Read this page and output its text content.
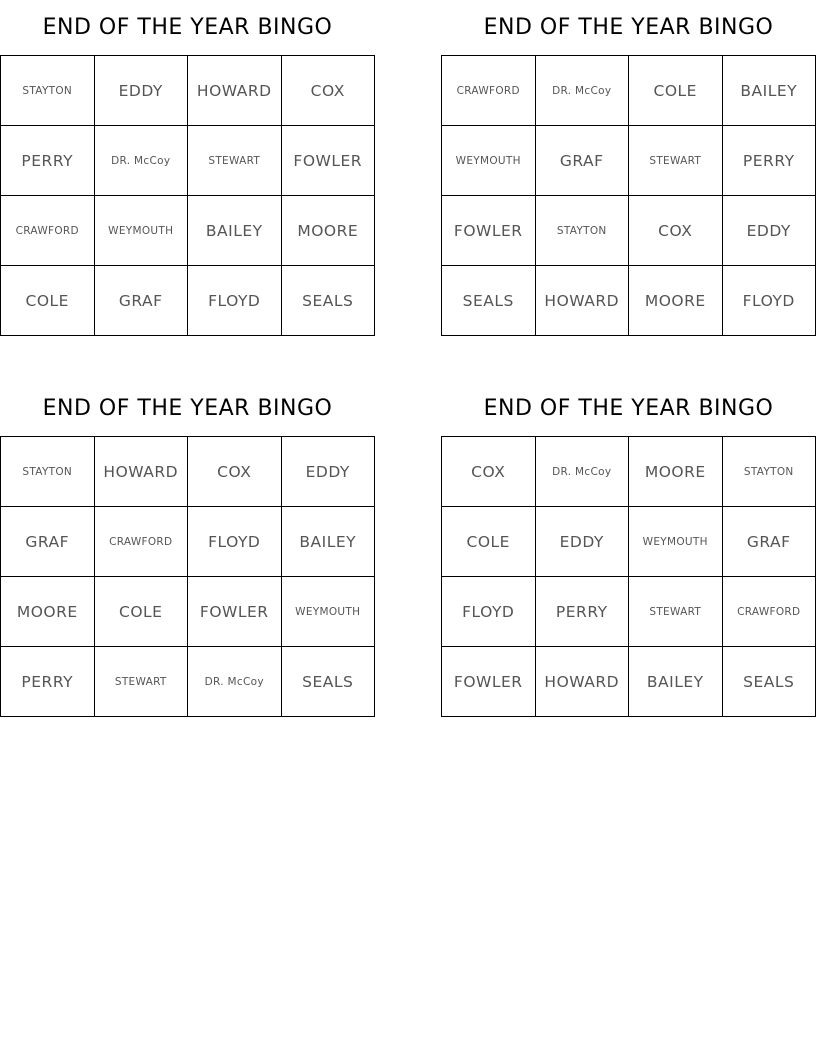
END OF THE YEAR BINGO
STAYTON	EDDY	HOWARD	COX
PERRY	DR. McCoy	STEWART	FOWLER
CRAWFORD	WEYMOUTH	BAILEY	MOORE
COLE	GRAF	FLOYD	SEALS
END OF THE YEAR BINGO
CRAWFORD	DR. McCoy	COLE	BAILEY
WEYMOUTH	GRAF	STEWART	PERRY
FOWLER	STAYTON	COX	EDDY
SEALS	HOWARD	MOORE	FLOYD
END OF THE YEAR BINGO
STAYTON	HOWARD	COX	EDDY
GRAF	CRAWFORD	FLOYD	BAILEY
MOORE	COLE	FOWLER	WEYMOUTH
PERRY	STEWART	DR. McCoy	SEALS
END OF THE YEAR BINGO
COX	DR. McCoy	MOORE	STAYTON
COLE	EDDY	WEYMOUTH	GRAF
FLOYD	PERRY	STEWART	CRAWFORD
FOWLER	HOWARD	BAILEY	SEALS
